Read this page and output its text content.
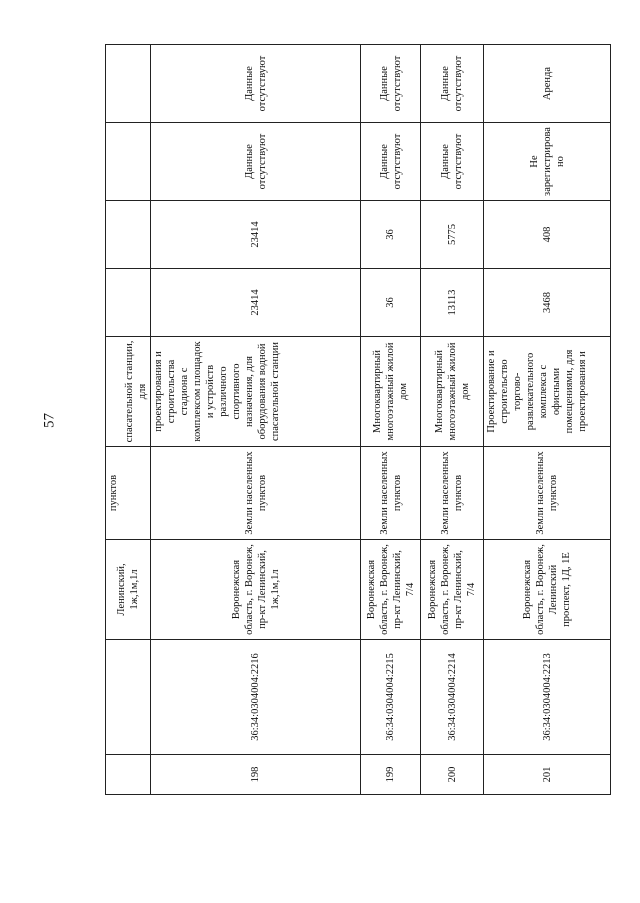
57
		Ленинский, 1ж,1м,1л	пунктов	спасательной станции, для				
198	36:34:0304004:2216	Воронежская область, г. Воронеж, пр-кт Ленинский, 1ж,1м,1л	Земли населенных пунктов	проектирования и строительства стадиона с комплексом площадок и устройств различного спортивного назначения, для оборудования водной спасательной станции	23414	23414	Данные отсутствуют	Данные отсутствуют
199	36:34:0304004:2215	Воронежская область, г. Воронеж, пр-кт Ленинский, 7/4	Земли населенных пунктов	Многоквартирный многоэтажный жилой дом	36	36	Данные отсутствуют	Данные отсутствуют
200	36:34:0304004:2214	Воронежская область, г. Воронеж, пр-кт Ленинский, 7/4	Земли населенных пунктов	Многоквартирный многоэтажный жилой дом	13113	5775	Данные отсутствуют	Данные отсутствуют
201	36:34:0304004:2213	Воронежская область, г. Воронеж, Ленинский проспект, 1Д, 1Е	Земли населенных пунктов	Проектирование и строительство торгово-развлекательного комплекса с офисными помещениями, для проектирования и	3468	408	Не зарегистрировано	Аренда
